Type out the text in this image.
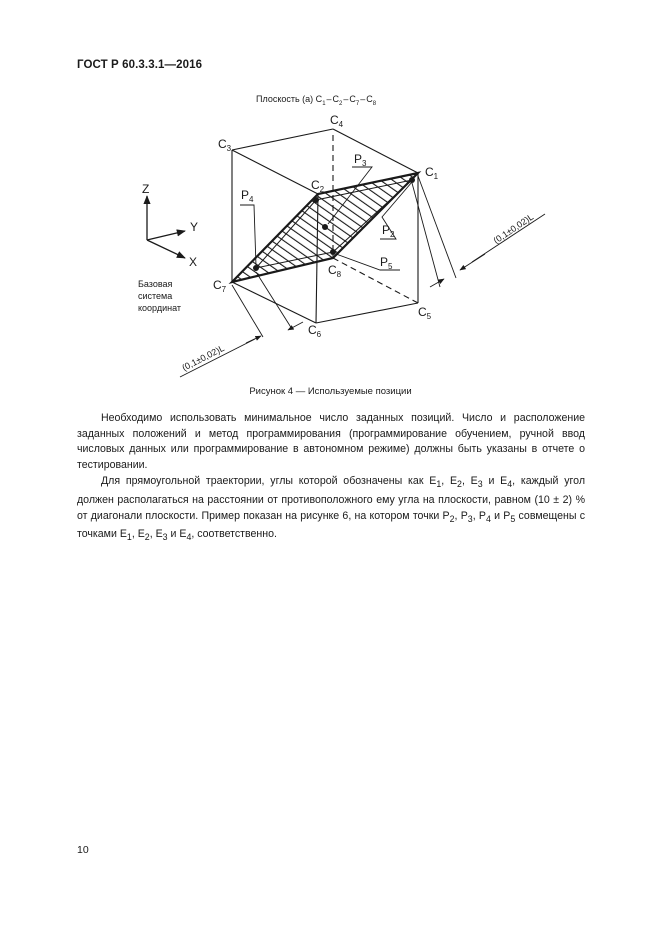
ГОСТ Р 60.3.3.1—2016
Плоскость (а) $C_1-C_2-C_7-C_8$
$C_1$
$C_2$
$C_3$
$C_4$
$C_5$
$C_6$
$C_7$
$C_8$
$P_2$
$P_3$
$P_4$
$P_5$
Z
Y
X
Базовая
система
координат
(0,1±0,02)L
(0,1±0,02)L
Рисунок 4 — Используемые позиции

Необходимо использовать минимальное число заданных позиций. Число и расположение заданных положений и метод программирования (программирование обучением, ручной ввод числовых данных или программирование в автономном режиме) должны быть указаны в отчете о тестировании.

Для прямоугольной траектории, углы которой обозначены как $E_1$, $E_2$, $E_3$ и $E_4$, каждый угол должен располагаться на расстоянии от противоположного ему угла на плоскости, равном (10 ± 2) % от диагонали плоскости. Пример показан на рисунке 6, на котором точки $P_2$, $P_3$, $P_4$ и $P_5$ совмещены с точками $E_1$, $E_2$, $E_3$ и $E_4$, соответственно.

10
